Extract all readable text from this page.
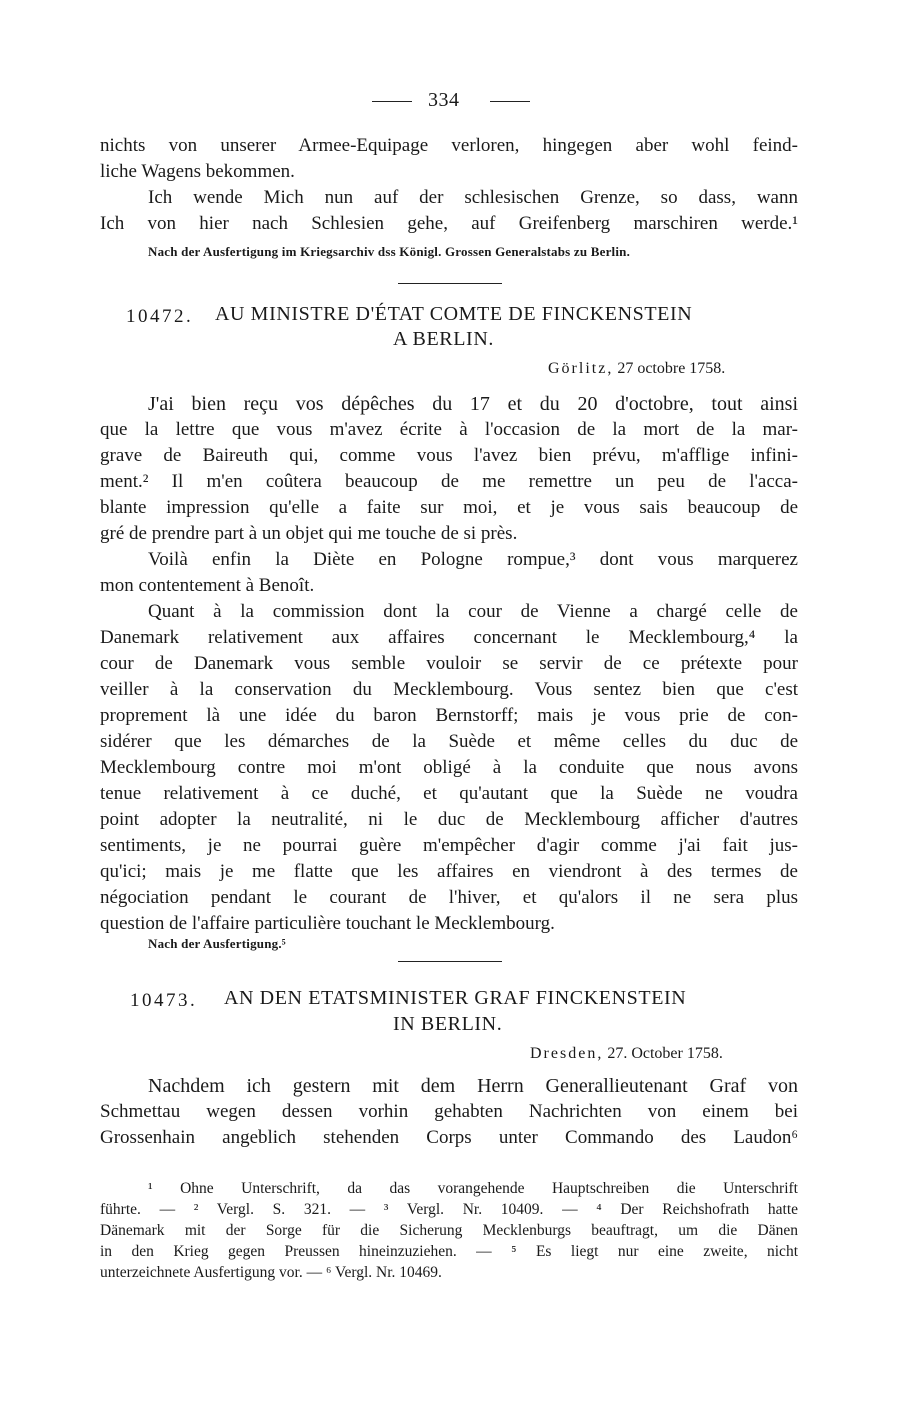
334
nichts von unserer Armee-Equipage verloren, hingegen aber wohl feind-
liche Wagens bekommen.
Ich wende Mich nun auf der schlesischen Grenze, so dass, wann
Ich von hier nach Schlesien gehe, auf Greifenberg marschiren werde.¹
Nach der Ausfertigung im Kriegsarchiv dss Königl. Grossen Generalstabs zu Berlin.
10472. AU MINISTRE D'ÉTAT COMTE DE FINCKENSTEIN
A BERLIN.
Görlitz, 27 octobre 1758.
J'ai bien reçu vos dépêches du 17 et du 20 d'octobre, tout ainsi
que la lettre que vous m'avez écrite à l'occasion de la mort de la mar-
grave de Baireuth qui, comme vous l'avez bien prévu, m'afflige infini-
ment.² Il m'en coûtera beaucoup de me remettre un peu de l'acca-
blante impression qu'elle a faite sur moi, et je vous sais beaucoup de
gré de prendre part à un objet qui me touche de si près.
Voilà enfin la Diète en Pologne rompue,³ dont vous marquerez
mon contentement à Benoît.
Quant à la commission dont la cour de Vienne a chargé celle de
Danemark relativement aux affaires concernant le Mecklembourg,⁴ la
cour de Danemark vous semble vouloir se servir de ce prétexte pour
veiller à la conservation du Mecklembourg. Vous sentez bien que c'est
proprement là une idée du baron Bernstorff; mais je vous prie de con-
sidérer que les démarches de la Suède et même celles du duc de
Mecklembourg contre moi m'ont obligé à la conduite que nous avons
tenue relativement à ce duché, et qu'autant que la Suède ne voudra
point adopter la neutralité, ni le duc de Mecklembourg afficher d'autres
sentiments, je ne pourrai guère m'empêcher d'agir comme j'ai fait jus-
qu'ici; mais je me flatte que les affaires en viendront à des termes de
négociation pendant le courant de l'hiver, et qu'alors il ne sera plus
question de l'affaire particulière touchant le Mecklembourg.
Nach der Ausfertigung.⁵
10473. AN DEN ETATSMINISTER GRAF FINCKENSTEIN
IN BERLIN.
Dresden, 27. October 1758.
Nachdem ich gestern mit dem Herrn Generallieutenant Graf von
Schmettau wegen dessen vorhin gehabten Nachrichten von einem bei
Grossenhain angeblich stehenden Corps unter Commando des Laudon⁶
¹ Ohne Unterschrift, da das vorangehende Hauptschreiben die Unterschrift
führte. — ² Vergl. S. 321. — ³ Vergl. Nr. 10409. — ⁴ Der Reichshofrath hatte
Dänemark mit der Sorge für die Sicherung Mecklenburgs beauftragt, um die Dänen
in den Krieg gegen Preussen hineinzuziehen. — ⁵ Es liegt nur eine zweite, nicht
unterzeichnete Ausfertigung vor. — ⁶ Vergl. Nr. 10469.
